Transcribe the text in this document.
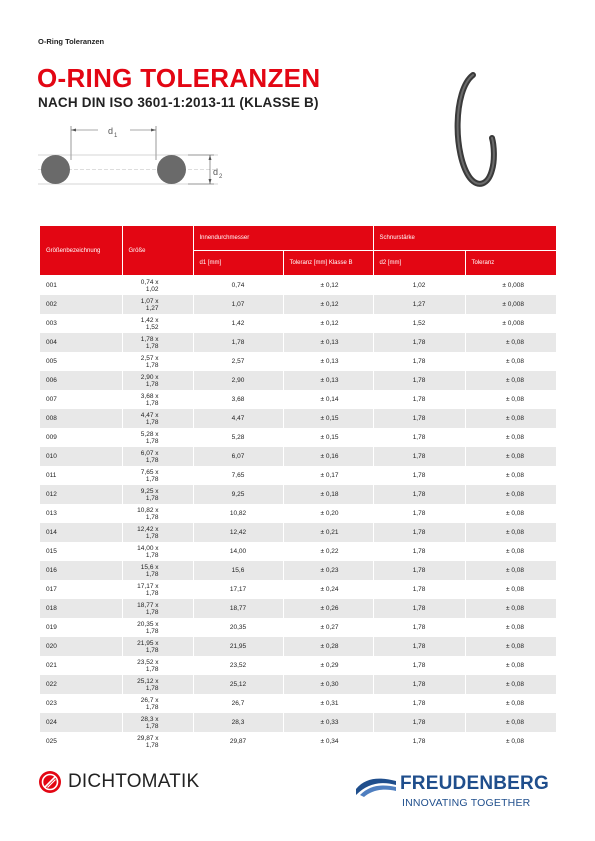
O-Ring Toleranzen
O-RING TOLERANZEN
NACH DIN ISO 3601-1:2013-11 (KLASSE B)
d 1
d 2
Größenbezeichnung	Größe	Innendurchmesser		Schnurstärke	
		d1 [mm]	Toleranz [mm] Klasse B	d2 [mm]	Toleranz
001	0,74 x 1,02	0,74	± 0,12	1,02	± 0,008
002	1,07 x 1,27	1,07	± 0,12	1,27	± 0,008
003	1,42 x 1,52	1,42	± 0,12	1,52	± 0,008
004	1,78 x 1,78	1,78	± 0,13	1,78	± 0,08
005	2,57 x 1,78	2,57	± 0,13	1,78	± 0,08
006	2,90 x 1,78	2,90	± 0,13	1,78	± 0,08
007	3,68 x 1,78	3,68	± 0,14	1,78	± 0,08
008	4,47 x 1,78	4,47	± 0,15	1,78	± 0,08
009	5,28 x 1,78	5,28	± 0,15	1,78	± 0,08
010	6,07 x 1,78	6,07	± 0,16	1,78	± 0,08
011	7,65 x 1,78	7,65	± 0,17	1,78	± 0,08
012	9,25 x 1,78	9,25	± 0,18	1,78	± 0,08
013	10,82 x 1,78	10,82	± 0,20	1,78	± 0,08
014	12,42 x 1,78	12,42	± 0,21	1,78	± 0,08
015	14,00 x 1,78	14,00	± 0,22	1,78	± 0,08
016	15,6 x 1,78	15,6	± 0,23	1,78	± 0,08
017	17,17 x 1,78	17,17	± 0,24	1,78	± 0,08
018	18,77 x 1,78	18,77	± 0,26	1,78	± 0,08
019	20,35 x 1,78	20,35	± 0,27	1,78	± 0,08
020	21,95 x 1,78	21,95	± 0,28	1,78	± 0,08
021	23,52 x 1,78	23,52	± 0,29	1,78	± 0,08
022	25,12 x 1,78	25,12	± 0,30	1,78	± 0,08
023	26,7 x 1,78	26,7	± 0,31	1,78	± 0,08
024	28,3 x 1,78	28,3	± 0,33	1,78	± 0,08
025	29,87 x 1,78	29,87	± 0,34	1,78	± 0,08
DICHTOMATIK	FREUDENBERG
INNOVATING TOGETHER
